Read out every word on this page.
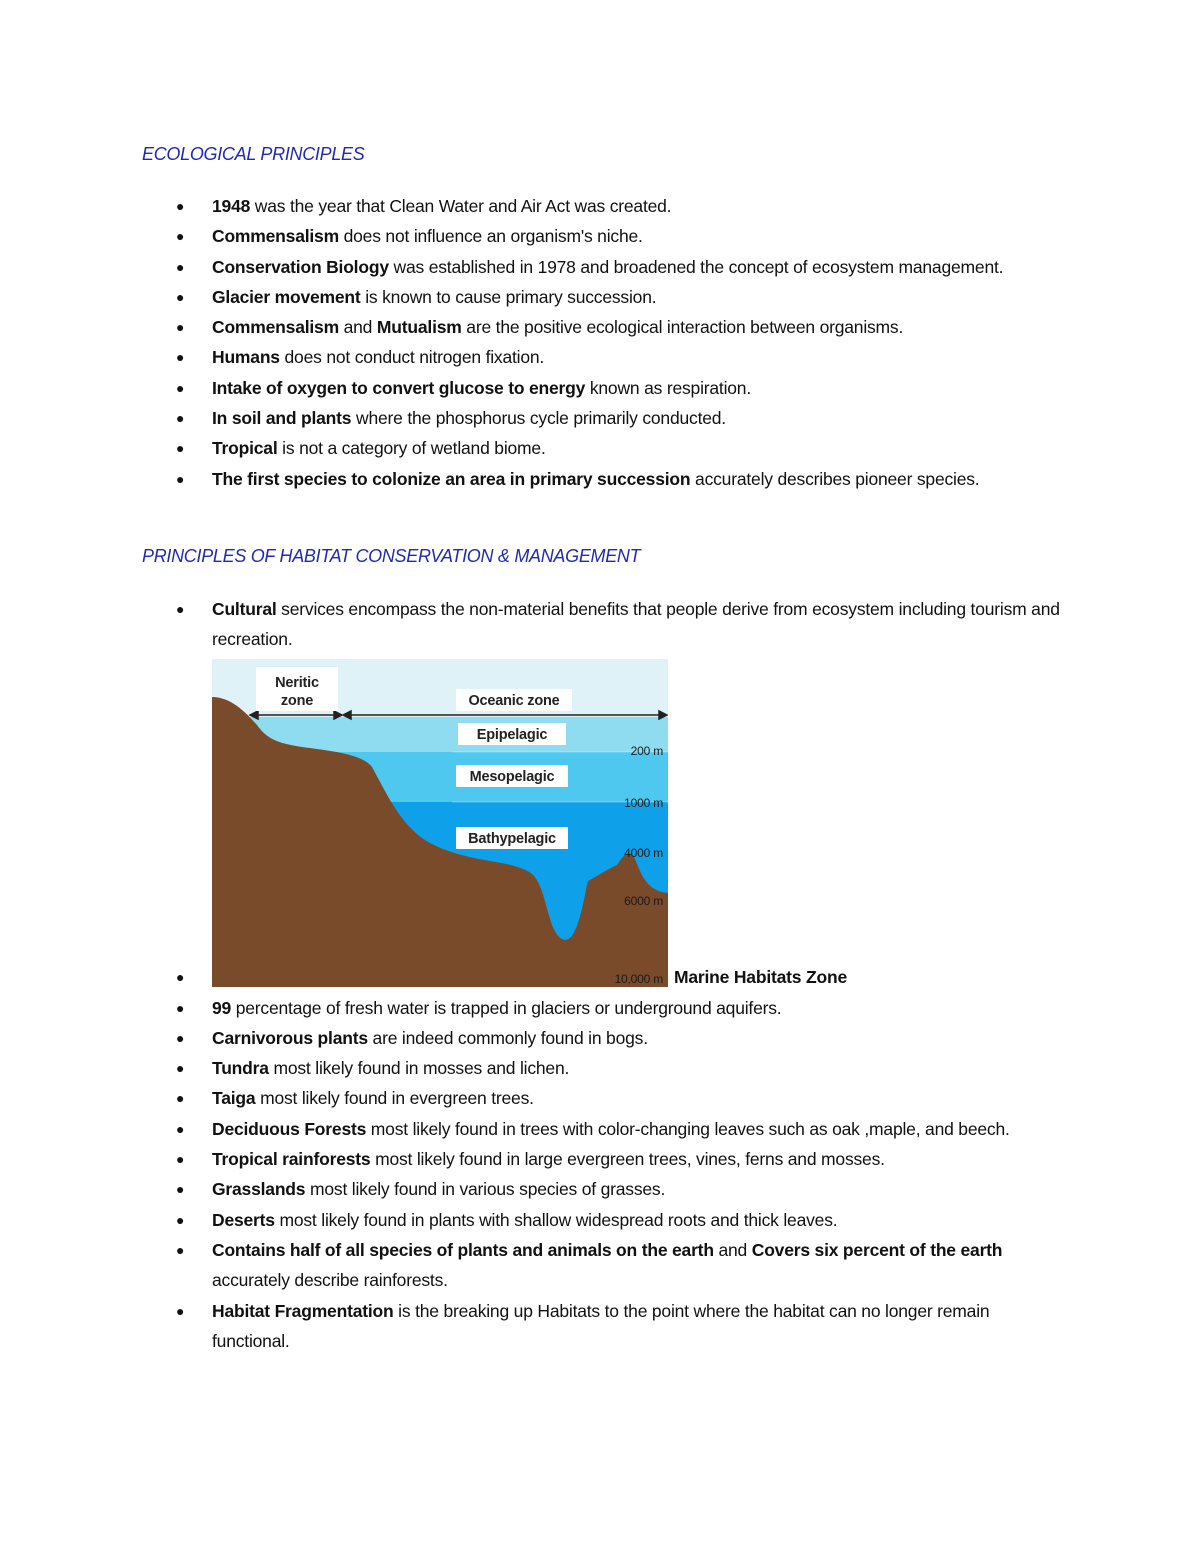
ECOLOGICAL PRINCIPLES
● 1948 was the year that Clean Water and Air Act was created.
● Commensalism does not influence an organism's niche.
● Conservation Biology was established in 1978 and broadened the concept of ecosystem management.
● Glacier movement is known to cause primary succession.
● Commensalism and Mutualism are the positive ecological interaction between organisms.
● Humans does not conduct nitrogen fixation.
● Intake of oxygen to convert glucose to energy known as respiration.
● In soil and plants where the phosphorus cycle primarily conducted.
● Tropical is not a category of wetland biome.
● The first species to colonize an area in primary succession accurately describes pioneer species.
PRINCIPLES OF HABITAT CONSERVATION & MANAGEMENT
● Cultural services encompass the non-material benefits that people derive from ecosystem including tourism and recreation.
●
Neritic
zone	Oceanic zone
Epipelagic
Mesopelagic
Bathypelagic
200 m
1000 m
4000 m
6000 m
10,000 m Marine Habitats Zone
● 99 percentage of fresh water is trapped in glaciers or underground aquifers.
● Carnivorous plants are indeed commonly found in bogs.
● Tundra most likely found in mosses and lichen.
● Taiga most likely found in evergreen trees.
● Deciduous Forests most likely found in trees with color-changing leaves such as oak ,maple, and beech.
● Tropical rainforests most likely found in large evergreen trees, vines, ferns and mosses.
● Grasslands most likely found in various species of grasses.
● Deserts most likely found in plants with shallow widespread roots and thick leaves.
● Contains half of all species of plants and animals on the earth and Covers six percent of the earth accurately describe rainforests.
● Habitat Fragmentation is the breaking up Habitats to the point where the habitat can no longer remain functional.
